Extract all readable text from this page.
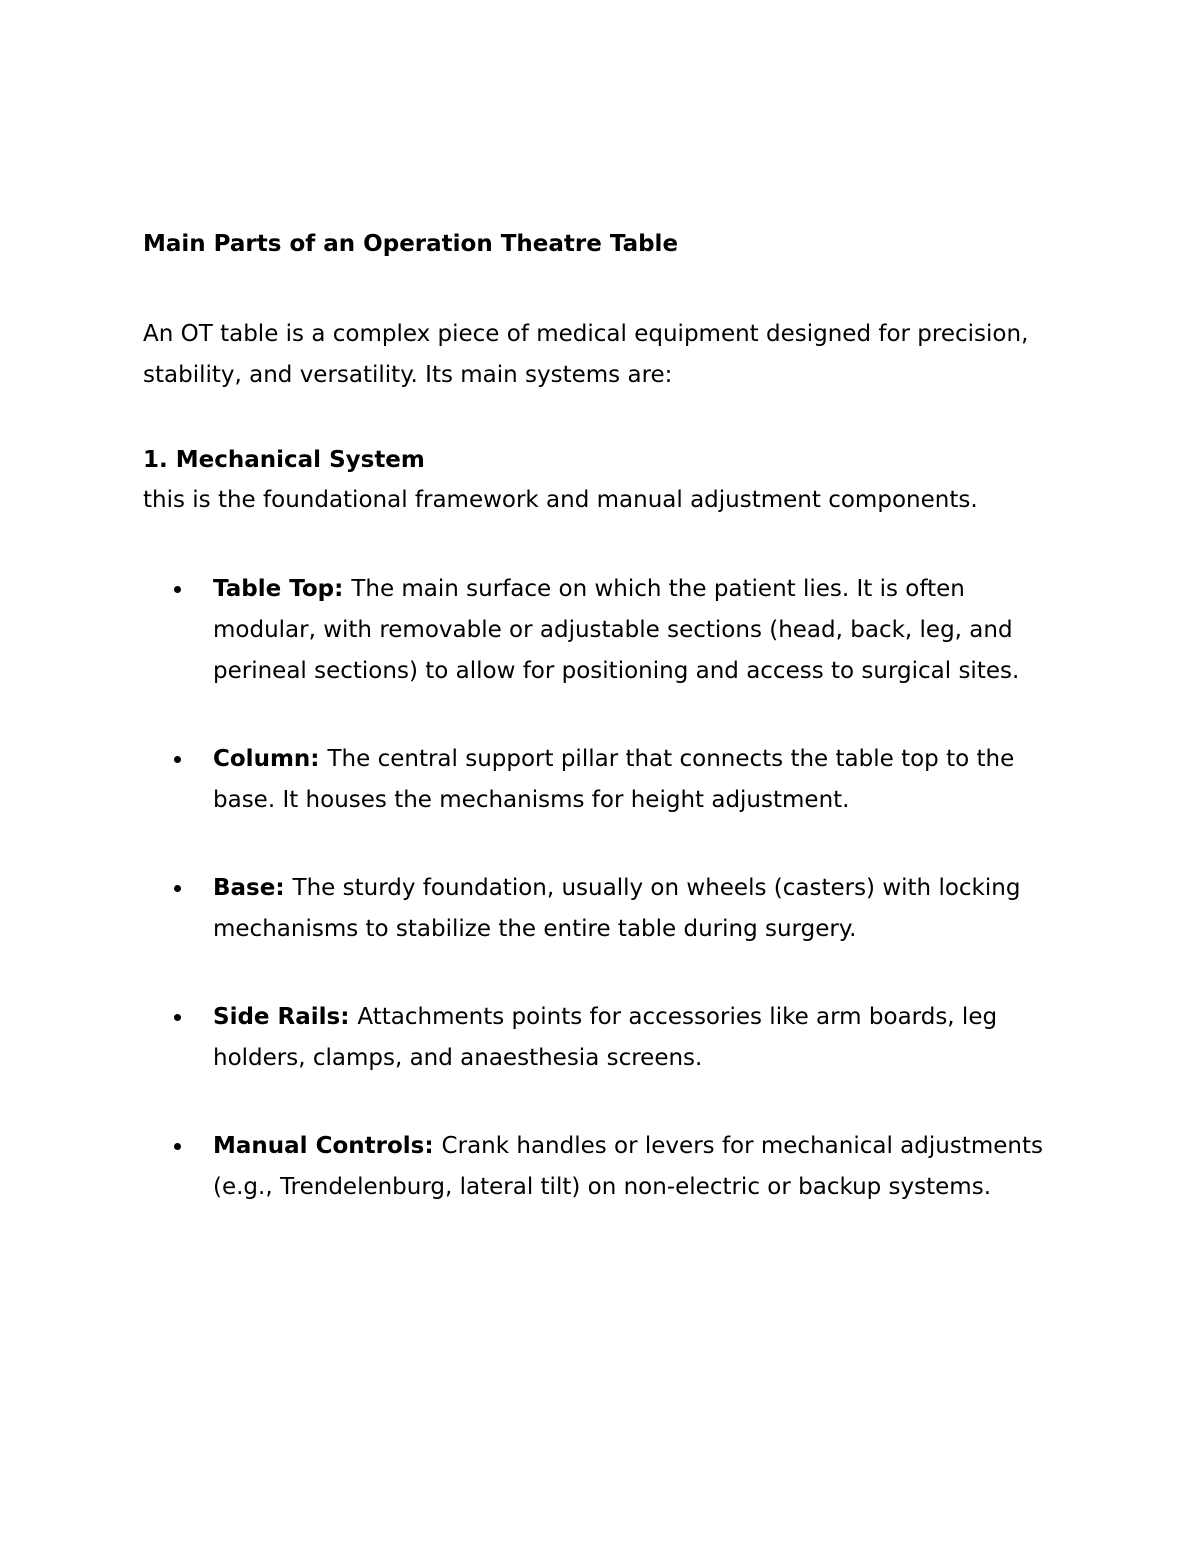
Main Parts of an Operation Theatre Table

An OT table is a complex piece of medical equipment designed for precision, stability, and versatility. Its main systems are:

1. Mechanical System

this is the foundational framework and manual adjustment components.

Table Top: The main surface on which the patient lies. It is often modular, with removable or adjustable sections (head, back, leg, and perineal sections) to allow for positioning and access to surgical sites.
Column: The central support pillar that connects the table top to the base. It houses the mechanisms for height adjustment.
Base: The sturdy foundation, usually on wheels (casters) with locking mechanisms to stabilize the entire table during surgery.
Side Rails: Attachments points for accessories like arm boards, leg holders, clamps, and anaesthesia screens.
Manual Controls: Crank handles or levers for mechanical adjustments (e.g., Trendelenburg, lateral tilt) on non-electric or backup systems.
